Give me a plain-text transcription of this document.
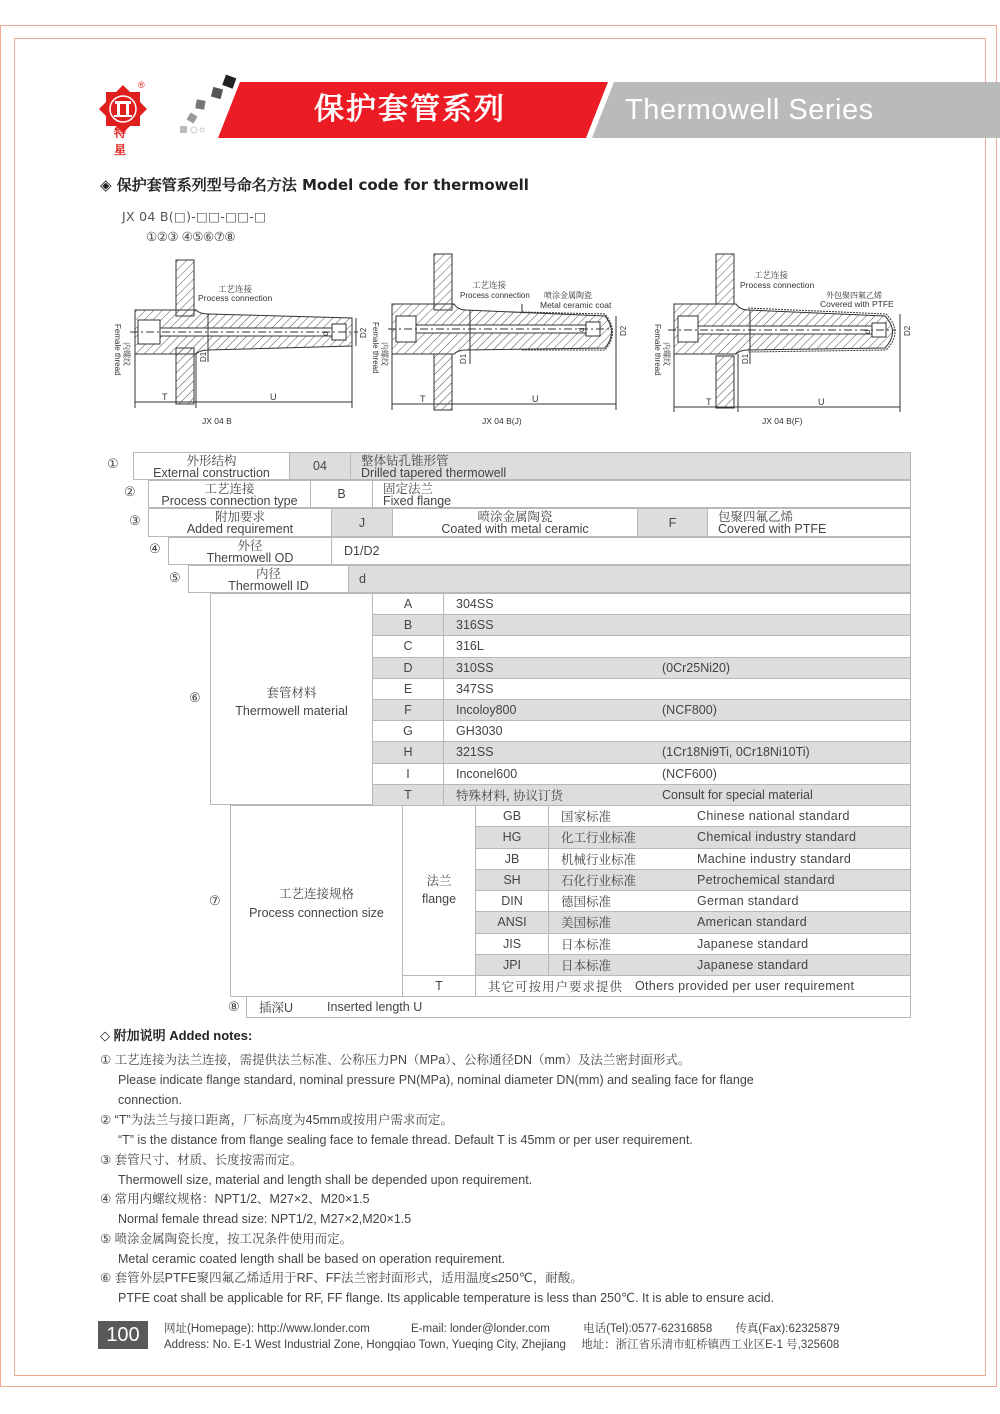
®
特 星
保护套管系列	Thermowell Series
◈ 保护套管系列型号命名方法 Model code for thermowell
JX 04 B(□)-□□-□□-□
①②③ ④⑤⑥⑦⑧
T	U
D1
D2
d
工艺连接
Process connection
内螺纹
Female thread
JX 04 B
T	U
D1
D2
d
工艺连接
Process connection 喷涂金属陶瓷
Metal ceramic coat
内螺纹
Female thread
JX 04 B(J)
T	U
D1
D2
d
工艺连接
Process connection
外包聚四氟乙烯
Covered with PTFE
内螺纹
Female thread
JX 04 B(F)
①	外形结构
External construction	04	整体钻孔锥形管
Drilled tapered thermowell
②	工艺连接
Process connection type	B	固定法兰
Fixed flange
③	附加要求
Added requirement	J	喷涂金属陶瓷
Coated with metal ceramic	F	包聚四氟乙烯
Covered with PTFE
④	外径
Thermowell OD	D1/D2
⑤	内径
Thermowell ID	d
⑥	套管材料
Thermowell material
A	304SS
B	316SS
C	316L
D	310SS	(0Cr25Ni20)
E	347SS
F	Incoloy800	(NCF800)
G	GH3030
H	321SS	(1Cr18Ni9Ti, 0Cr18Ni10Ti)
I	Inconel600	(NCF600)
T	特殊材料, 协议订货	Consult for special material
⑦	工艺连接规格
Process connection size
法兰
flange
GB	国家标准	Chinese national standard
HG	化工行业标准	Chemical industry standard
JB	机械行业标准	Machine industry standard
SH	石化行业标准	Petrochemical standard
DIN	德国标准	German standard
ANSI	美国标准	American standard
JIS	日本标准	Japanese standard
JPI	日本标准	Japanese standard
T	其它可按用户要求提供 Others provided per user requirement
⑧ 插深U	Inserted length U
◇ 附加说明 Added notes:
① 工艺连接为法兰连接，需提供法兰标准、公称压力PN（MPa）、公称通径DN（mm）及法兰密封面形式。
Please indicate flange standard, nominal pressure PN(MPa), nominal diameter DN(mm) and sealing face for flange
connection.
② “T”为法兰与接口距离，厂标高度为45mm或按用户需求而定。
“T” is the distance from flange sealing face to female thread. Default T is 45mm or per user requirement.
③ 套管尺寸、材质、长度按需而定。
Thermowell size, material and length shall be depended upon requirement.
④ 常用内螺纹规格：NPT1/2、M27×2、M20×1.5
Normal female thread size: NPT1/2, M27×2,M20×1.5
⑤ 喷涂金属陶瓷长度，按工况条件使用而定。
Metal ceramic coated length shall be based on operation requirement.
⑥ 套管外层PTFE聚四氟乙烯适用于RF、FF法兰密封面形式，适用温度≤250℃，耐酸。
PTFE coat shall be applicable for RF, FF flange. Its applicable temperature is less than 250℃. It is able to ensure acid.
100	网址(Homepage): http://www.londer.com	E-mail: londer@londer.com	电话(Tel):0577-62316858 传真(Fax):62325879
Address: No. E-1 West Industrial Zone, Hongqiao Town, Yueqing City, Zhejiang 地址：浙江省乐清市虹桥镇西工业区E-1 号,325608
